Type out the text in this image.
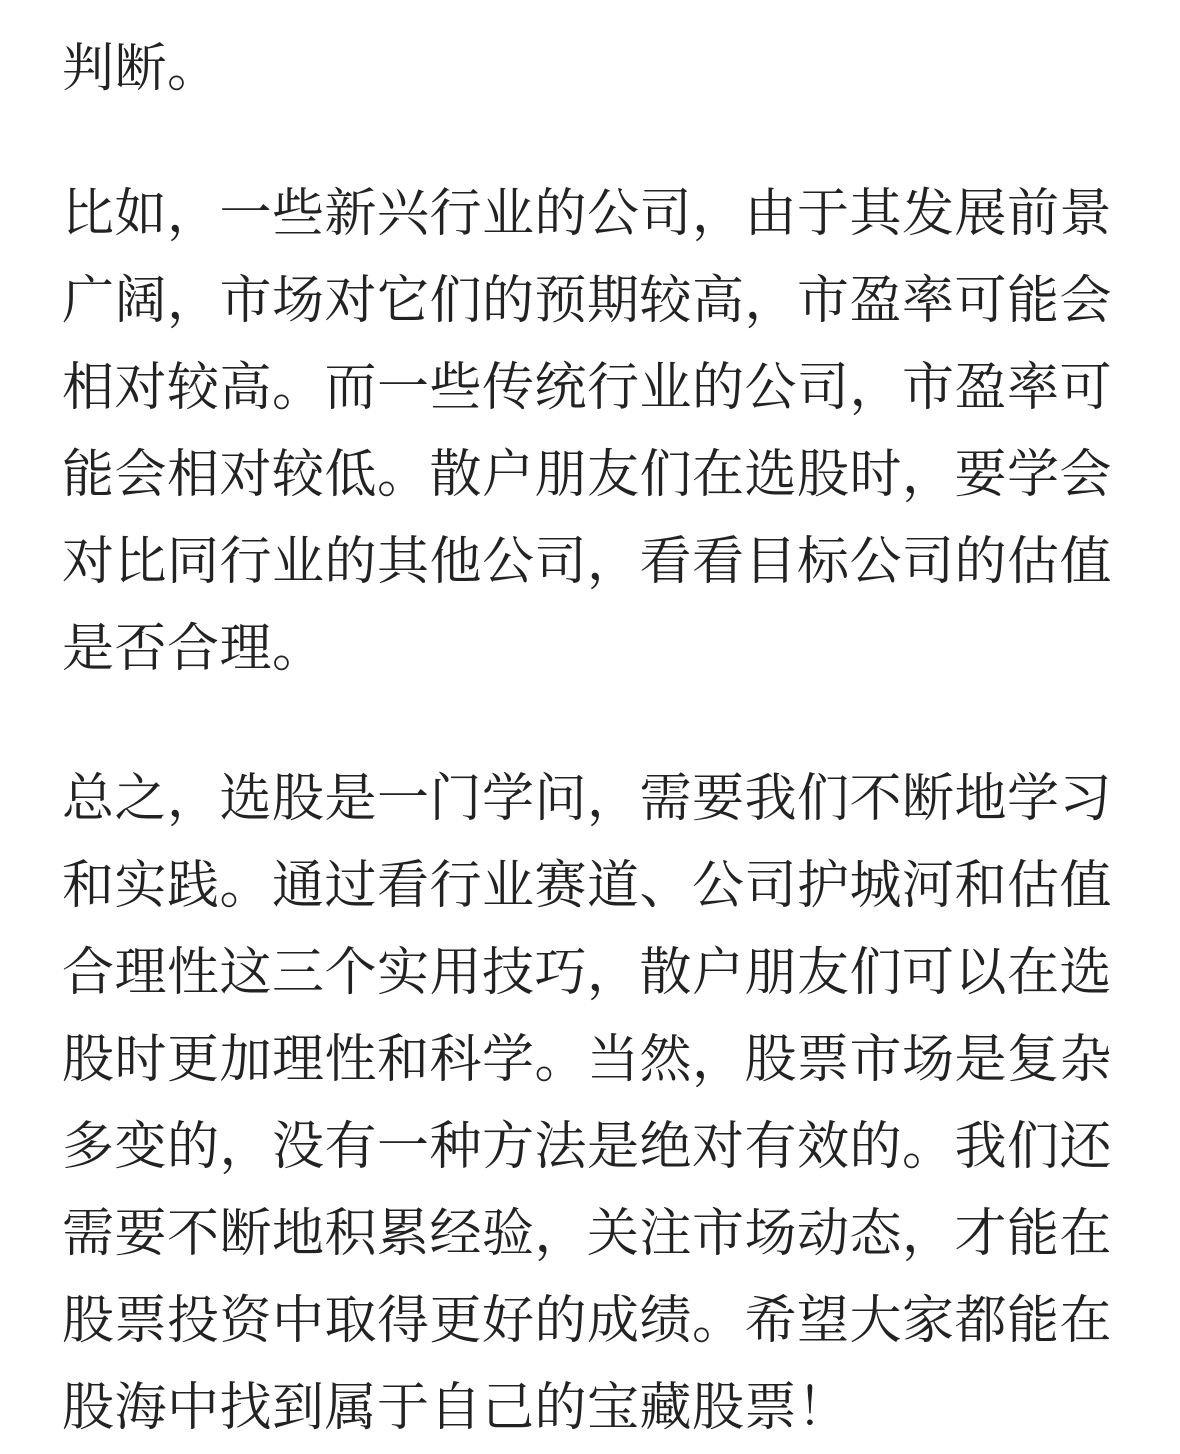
判断。

比如，一些新兴行业的公司，由于其发展前景广阔，市场对它们的预期较高，市盈率可能会相对较高。而一些传统行业的公司，市盈率可能会相对较低。散户朋友们在选股时，要学会对比同行业的其他公司，看看目标公司的估值是否合理。

总之，选股是一门学问，需要我们不断地学习和实践。通过看行业赛道、公司护城河和估值合理性这三个实用技巧，散户朋友们可以在选股时更加理性和科学。当然，股票市场是复杂多变的，没有一种方法是绝对有效的。我们还需要不断地积累经验，关注市场动态，才能在股票投资中取得更好的成绩。希望大家都能在股海中找到属于自己的宝藏股票！
